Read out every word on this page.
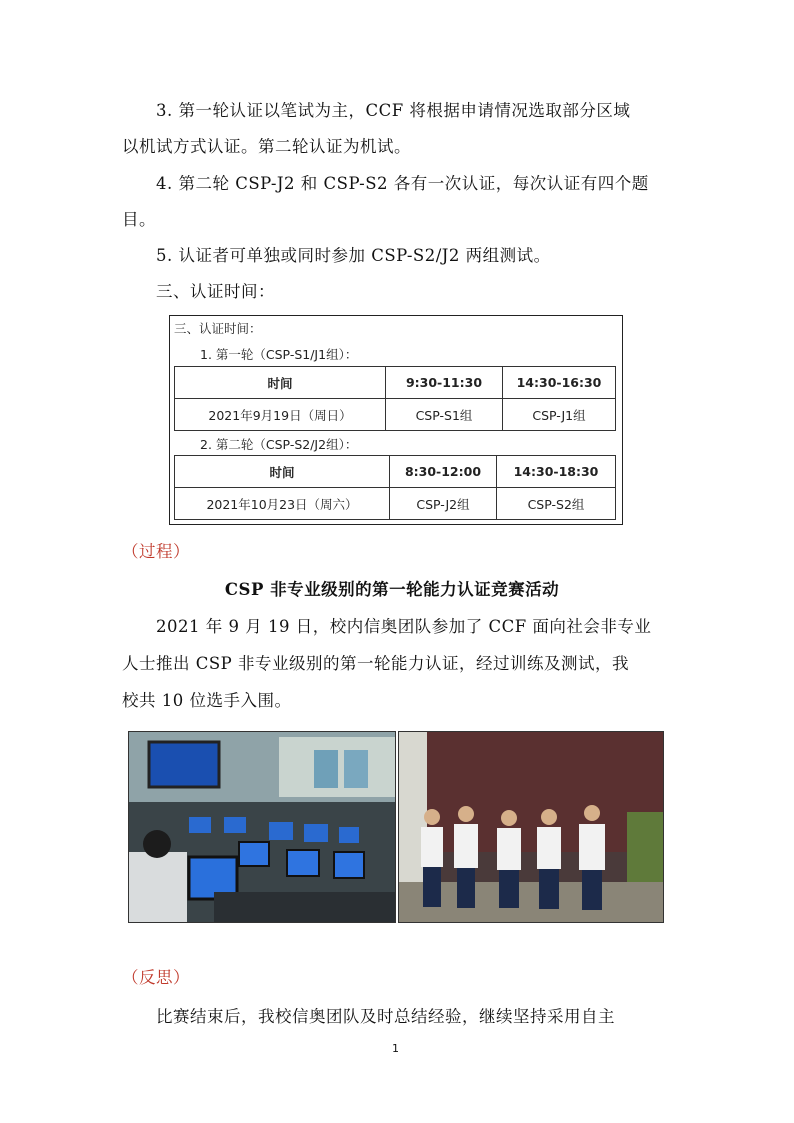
3. 第一轮认证以笔试为主，CCF 将根据申请情况选取部分区域

以机试方式认证。第二轮认证为机试。

4. 第二轮 CSP-J2 和 CSP-S2 各有一次认证，每次认证有四个题

目。

5. 认证者可单独或同时参加 CSP-S2/J2 两组测试。

三、认证时间：

三、认证时间：
1. 第一轮（CSP-S1/J1组）：
时间	9:30-11:30	14:30-16:30
2021年9月19日（周日）	CSP-S1组	CSP-J1组
2. 第二轮（CSP-S2/J2组）：
时间	8:30-12:00	14:30-18:30
2021年10月23日（周六）	CSP-J2组	CSP-S2组

（过程）

CSP 非专业级别的第一轮能力认证竞赛活动

2021 年 9 月 19 日，校内信奥团队参加了 CCF 面向社会非专业

人士推出 CSP 非专业级别的第一轮能力认证，经过训练及测试，我

校共 10 位选手入围。

（反思）

比赛结束后，我校信奥团队及时总结经验，继续坚持采用自主

1
